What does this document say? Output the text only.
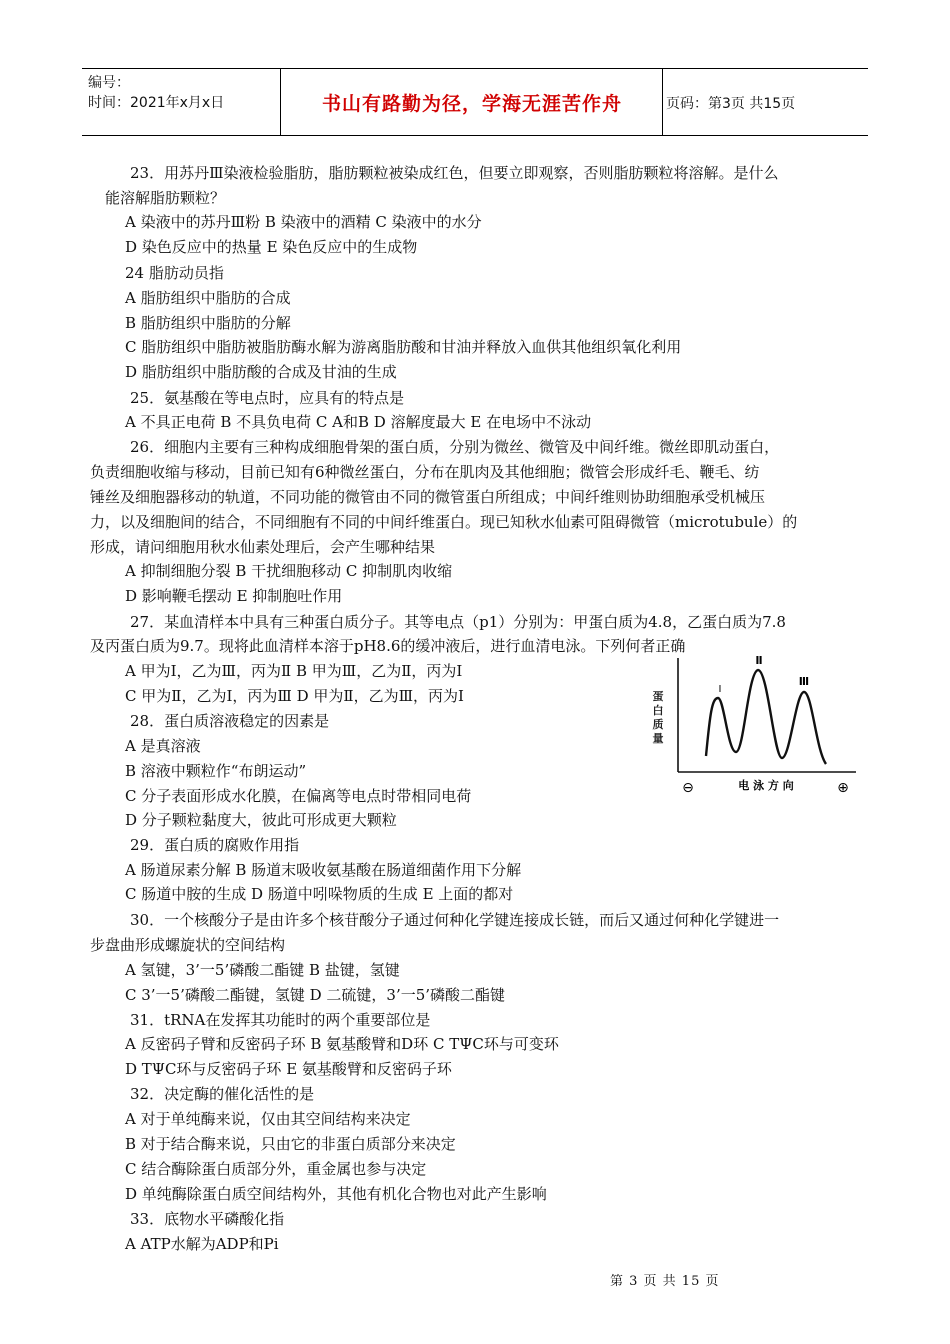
编号：
时间：2021年x月x日	书山有路勤为径，学海无涯苦作舟	页码：第3页 共15页
23．用苏丹Ⅲ染液检验脂肪，脂肪颗粒被染成红色，但要立即观察，否则脂肪颗粒将溶解。是什么
能溶解脂肪颗粒？
A 染液中的苏丹Ⅲ粉 B 染液中的酒精 C 染液中的水分
D 染色反应中的热量 E 染色反应中的生成物
24 脂肪动员指
A 脂肪组织中脂肪的合成
B 脂肪组织中脂肪的分解
C 脂肪组织中脂肪被脂肪酶水解为游离脂肪酸和甘油并释放入血供其他组织氧化利用
D 脂肪组织中脂肪酸的合成及甘油的生成
25．氨基酸在等电点时，应具有的特点是
A 不具正电荷 B 不具负电荷 C A和B D 溶解度最大 E 在电场中不泳动
26．细胞内主要有三种构成细胞骨架的蛋白质，分别为微丝、微管及中间纤维。微丝即肌动蛋白，
负责细胞收缩与移动，目前已知有6种微丝蛋白，分布在肌肉及其他细胞；微管会形成纤毛、鞭毛、纺
锤丝及细胞器移动的轨道，不同功能的微管由不同的微管蛋白所组成；中间纤维则协助细胞承受机械压
力，以及细胞间的结合，不同细胞有不同的中间纤维蛋白。现已知秋水仙素可阻碍微管（microtubule）的
形成，请问细胞用秋水仙素处理后，会产生哪种结果
A 抑制细胞分裂 B 干扰细胞移动 C 抑制肌肉收缩
D 影响鞭毛摆动 E 抑制胞吐作用
27．某血清样本中具有三种蛋白质分子。其等电点（p1）分别为：甲蛋白质为4.8，乙蛋白质为7.8
及丙蛋白质为9.7。现将此血清样本溶于pH8.6的缓冲液后，进行血清电泳。下列何者正确
A 甲为Ⅰ，乙为Ⅲ，丙为Ⅱ B 甲为Ⅲ，乙为Ⅱ，丙为Ⅰ
C 甲为Ⅱ，乙为Ⅰ，丙为Ⅲ D 甲为Ⅱ，乙为Ⅲ，丙为Ⅰ
28．蛋白质溶液稳定的因素是
A 是真溶液
B 溶液中颗粒作“布朗运动”
C 分子表面形成水化膜，在偏离等电点时带相同电荷
D 分子颗粒黏度大，彼此可形成更大颗粒
29．蛋白质的腐败作用指
A 肠道尿素分解 B 肠道末吸收氨基酸在肠道细菌作用下分解
C 肠道中胺的生成 D 肠道中吲哚物质的生成 E 上面的都对
30．一个核酸分子是由许多个核苷酸分子通过何种化学键连接成长链，而后又通过何种化学键进一
步盘曲形成螺旋状的空间结构
A 氢键，3’一5’磷酸二酯键 B 盐键，氢键
C 3’一5’磷酸二酯键，氢键 D 二硫键，3’一5’磷酸二酯键
31．tRNA在发挥其功能时的两个重要部位是
A 反密码子臂和反密码子环 B 氨基酸臂和D环 C TΨC环与可变环
D TΨC环与反密码子环 E 氨基酸臂和反密码子环
32．决定酶的催化活性的是
A 对于单纯酶来说，仅由其空间结构来决定
B 对于结合酶来说，只由它的非蛋白质部分来决定
C 结合酶除蛋白质部分外，重金属也参与决定
D 单纯酶除蛋白质空间结构外，其他有机化合物也对此产生影响
33．底物水平磷酸化指
A ATP水解为ADP和Pi
蛋
白
质
量
Ⅰ
Ⅱ
Ⅲ
⊖	电 泳 方 向	⊕
第 3 页 共 15 页
